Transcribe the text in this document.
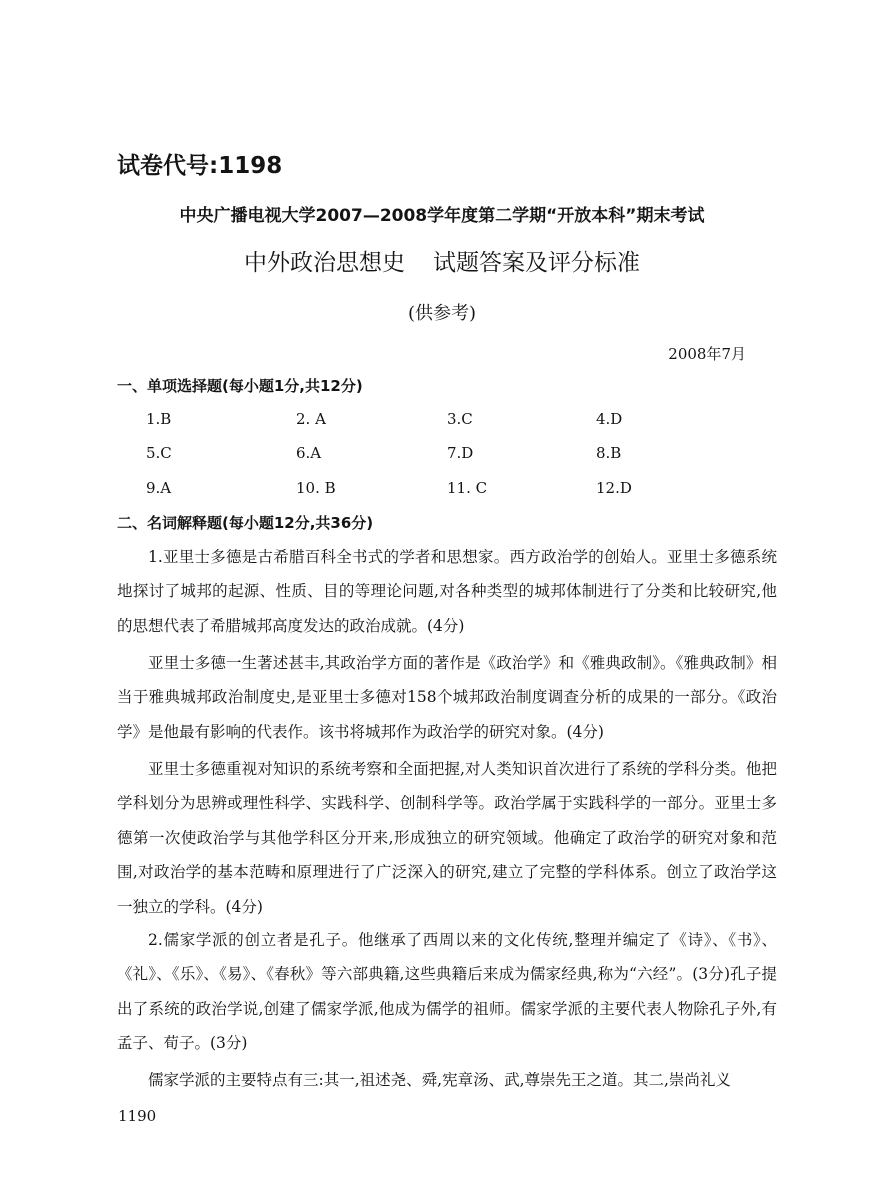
试卷代号:1198
中央广播电视大学2007—2008学年度第二学期“开放本科”期末考试
中外政治思想史 试题答案及评分标准
(供参考)
2008年7月
一、单项选择题(每小题1分,共12分)
1.B	2. A	3.C	4.D
5.C	6.A	7.D	8.B
9.A	10. B	11. C	12.D
二、名词解释题(每小题12分,共36分)

1.亚里士多德是古希腊百科全书式的学者和思想家。西方政治学的创始人。亚里士多德系统地探讨了城邦的起源、性质、目的等理论问题,对各种类型的城邦体制进行了分类和比较研究,他的思想代表了希腊城邦高度发达的政治成就。(4分)

亚里士多德一生著述甚丰,其政治学方面的著作是《政治学》和《雅典政制》。《雅典政制》相当于雅典城邦政治制度史,是亚里士多德对158个城邦政治制度调查分析的成果的一部分。《政治学》是他最有影响的代表作。该书将城邦作为政治学的研究对象。(4分)

亚里士多德重视对知识的系统考察和全面把握,对人类知识首次进行了系统的学科分类。他把学科划分为思辨或理性科学、实践科学、创制科学等。政治学属于实践科学的一部分。亚里士多德第一次使政治学与其他学科区分开来,形成独立的研究领域。他确定了政治学的研究对象和范围,对政治学的基本范畴和原理进行了广泛深入的研究,建立了完整的学科体系。创立了政治学这一独立的学科。(4分)

2.儒家学派的创立者是孔子。他继承了西周以来的文化传统,整理并编定了《诗》、《书》、《礼》、《乐》、《易》、《春秋》等六部典籍,这些典籍后来成为儒家经典,称为“六经”。(3分)孔子提出了系统的政治学说,创建了儒家学派,他成为儒学的祖师。儒家学派的主要代表人物除孔子外,有孟子、荀子。(3分)

儒家学派的主要特点有三:其一,祖述尧、舜,宪章汤、武,尊崇先王之道。其二,崇尚礼义

1190
